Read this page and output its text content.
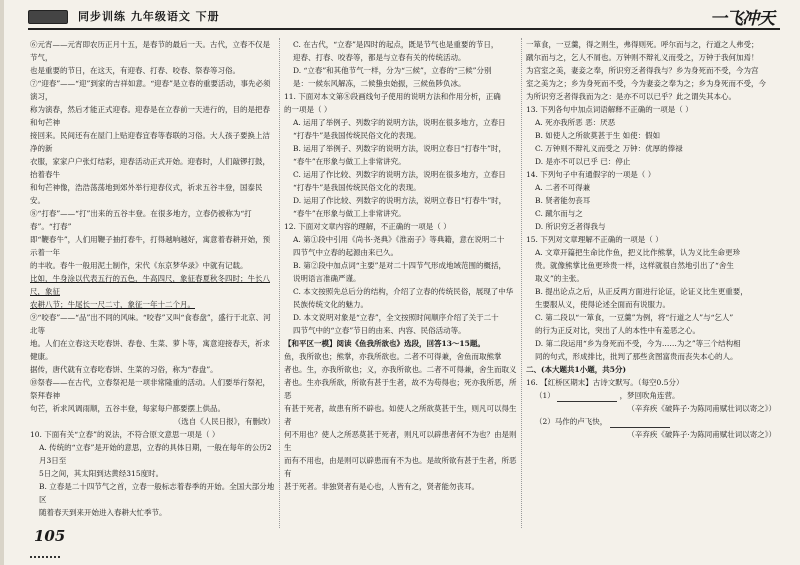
同步训练 九年级语文 下册	一飞冲天

⑥元宵——元宵即农历正月十五，是春节的最后一天。古代，立春不仅是节气，

也是重要的节日，在这天，有迎春、打春、咬春、祭春等习俗。

⑦“迎春”——“迎”到家的吉祥如意。“迎春”是立春的重要活动，事先必须演习，

称为演春，然后才能正式迎春。迎春是在立春前一天进行的，目的是把春和句芒神

接回来。民间还有在屋门上贴迎春宜春等春联的习俗。大人孩子要换上洁净的新

衣服，家家户户张灯结彩，迎春活动正式开始。迎春时，人们敲锣打鼓，抬着春牛

和句芒神像，浩浩荡荡地到郊外举行迎春仪式，祈求五谷丰登，国泰民安。

⑧“打春”——“打”出来的五谷丰登。在很多地方，立春仍被称为“打春”。“打春”

即“鞭春牛”，人们用鞭子抽打春牛，打得越响越好，寓意着春耕开始，预示着一年

的丰收。春牛一般用泥土制作，宋代《东京梦华录》中就有记载。

比如，牛身涂以代表五行的五色，牛高四尺，象征春夏秋冬四时；牛长八尺，象征

农耕八节；牛尾长一尺二寸，象征一年十二个月。

⑨“咬春”——“品”出不同的风味。“咬春”又叫“食春盘”，盛行于北京、河北等

地。人们在立春这天吃春饼、春卷、生菜、萝卜等，寓意迎接春天，祈求健康。

据传，唐代就有立春吃春饼、生菜的习俗，称为“春盘”。

⑩祭春——在古代，立春祭祀是一项非常隆重的活动。人们要举行祭祀，祭拜春神

句芒，祈求风调雨顺，五谷丰登，每家每户都要摆上供品。

（选自《人民日报》，有删改）

10. 下面有关“立春”的说法，不符合原文意思一项是（ ）

A. 传统的“立春”是开始的意思，立春的具体日期，一般在每年的公历2月3日至

5日之间，其太阳到达黄经315度时。

B. 立春是二十四节气之首，立春一般标志着春季的开始。全国大部分地区

随着春天到来开始进入春耕大忙季节。

C. 在古代，“立春”是四时的起点，既是节气也是重要的节日，

迎春、打春、咬春等，都是与立春有关的传统活动。

D. “立春”和其他节气一样，分为“三候”，立春的“三候”分别

是：一候东风解冻，二候蛰虫始振，三候鱼陟负冰。

11. 下面对本文第⑧段画线句子使用的说明方法和作用分析，正确

的一项是（ ）

A. 运用了举例子、列数字的说明方法，说明在很多地方，立春日

“打春牛”是我国传统民俗文化的表现。

B. 运用了举例子、列数字的说明方法，说明立春日“打春牛”时，

“春牛”在形象与做工上非常讲究。

C. 运用了作比较、列数字的说明方法，说明在很多地方，立春日

“打春牛”是我国传统民俗文化的表现。

D. 运用了作比较、列数字的说明方法，说明立春日“打春牛”时，

“春牛”在形象与做工上非常讲究。

12. 下面对文章内容的理解，不正确的一项是（ ）

A. 第①段中引用《尚书·尧典》《淮南子》等典籍，意在说明二十

四节气中立春的起源由来已久。

B. 第②段中加点词“主要”是对二十四节气形成地域范围的概括，

说明语言准确严谨。

C. 本文按照先总后分的结构，介绍了立春的传统民俗，展现了中华

民族传统文化的魅力。

D. 本文说明对象是“立春”，全文按照时间顺序介绍了关于二十

四节气中的“立春”节日的由来、内容、民俗活动等。

【和平区一模】阅读《鱼我所欲也》选段，回答13～15题。

鱼，我所欲也；熊掌，亦我所欲也。二者不可得兼，舍鱼而取熊掌

者也。生，亦我所欲也；义，亦我所欲也。二者不可得兼，舍生而取义

者也。生亦我所欲，所欲有甚于生者，故不为苟得也；死亦我所恶，所恶

有甚于死者，故患有所不辟也。如使人之所欲莫甚于生，则凡可以得生者

何不用也？使人之所恶莫甚于死者，则凡可以辟患者何不为也？由是则生

而有不用也，由是则可以辟患而有不为也。是故所欲有甚于生者，所恶有

甚于死者。非独贤者有是心也，人皆有之，贤者能勿丧耳。

一箪食，一豆羹，得之则生，弗得则死。呼尔而与之，行道之人弗受；

蹴尔而与之，乞人不屑也。万钟则不辩礼义而受之，万钟于我何加焉！

为宫室之美，妻妾之奉，所识穷乏者得我与？乡为身死而不受，今为宫

室之美为之；乡为身死而不受，今为妻妾之奉为之；乡为身死而不受，今

为所识穷乏者得我而为之：是亦不可以已乎？此之谓失其本心。

13. 下列各句中加点词语解释不正确的一项是（ ）

A. 死亦我所恶 恶：厌恶

B. 如使人之所欲莫甚于生 如使：假如

C. 万钟则不辩礼义而受之 万钟：优厚的俸禄

D. 是亦不可以已乎 已：停止

14. 下列句子中有通假字的一项是（ ）

A. 二者不可得兼

B. 贤者能勿丧耳

C. 蹴尔而与之

D. 所识穷乏者得我与

15. 下列对文章理解不正确的一项是（ ）

A. 文章开篇把生命比作鱼，把义比作熊掌，认为义比生命更珍

贵。就像熊掌比鱼更珍贵一样，这样就很自然地引出了“舍生

取义”的主张。

B. 提出论点之后，从正反两方面进行论证，论证义比生更重要，

生要服从义，使得论述全面而有说服力。

C. 第二段以“一箪食，一豆羹”为例，将“行道之人”与“乞人”

的行为正反对比，突出了人的本性中有羞恶之心。

D. 第二段运用“乡为身死而不受，今为……为之”等三个结构相

同的句式，形成排比，批判了那些贪图富贵而丧失本心的人。

二、(本大题共1小题，共5分)

16. 【红桥区期末】古诗文默写。（每空0.5分）

（1）	，梦回吹角连营。

（辛弃疾《破阵子·为陈同甫赋壮词以寄之》）

（2）马作的卢飞快，

（辛弃疾《破阵子·为陈同甫赋壮词以寄之》）

105
